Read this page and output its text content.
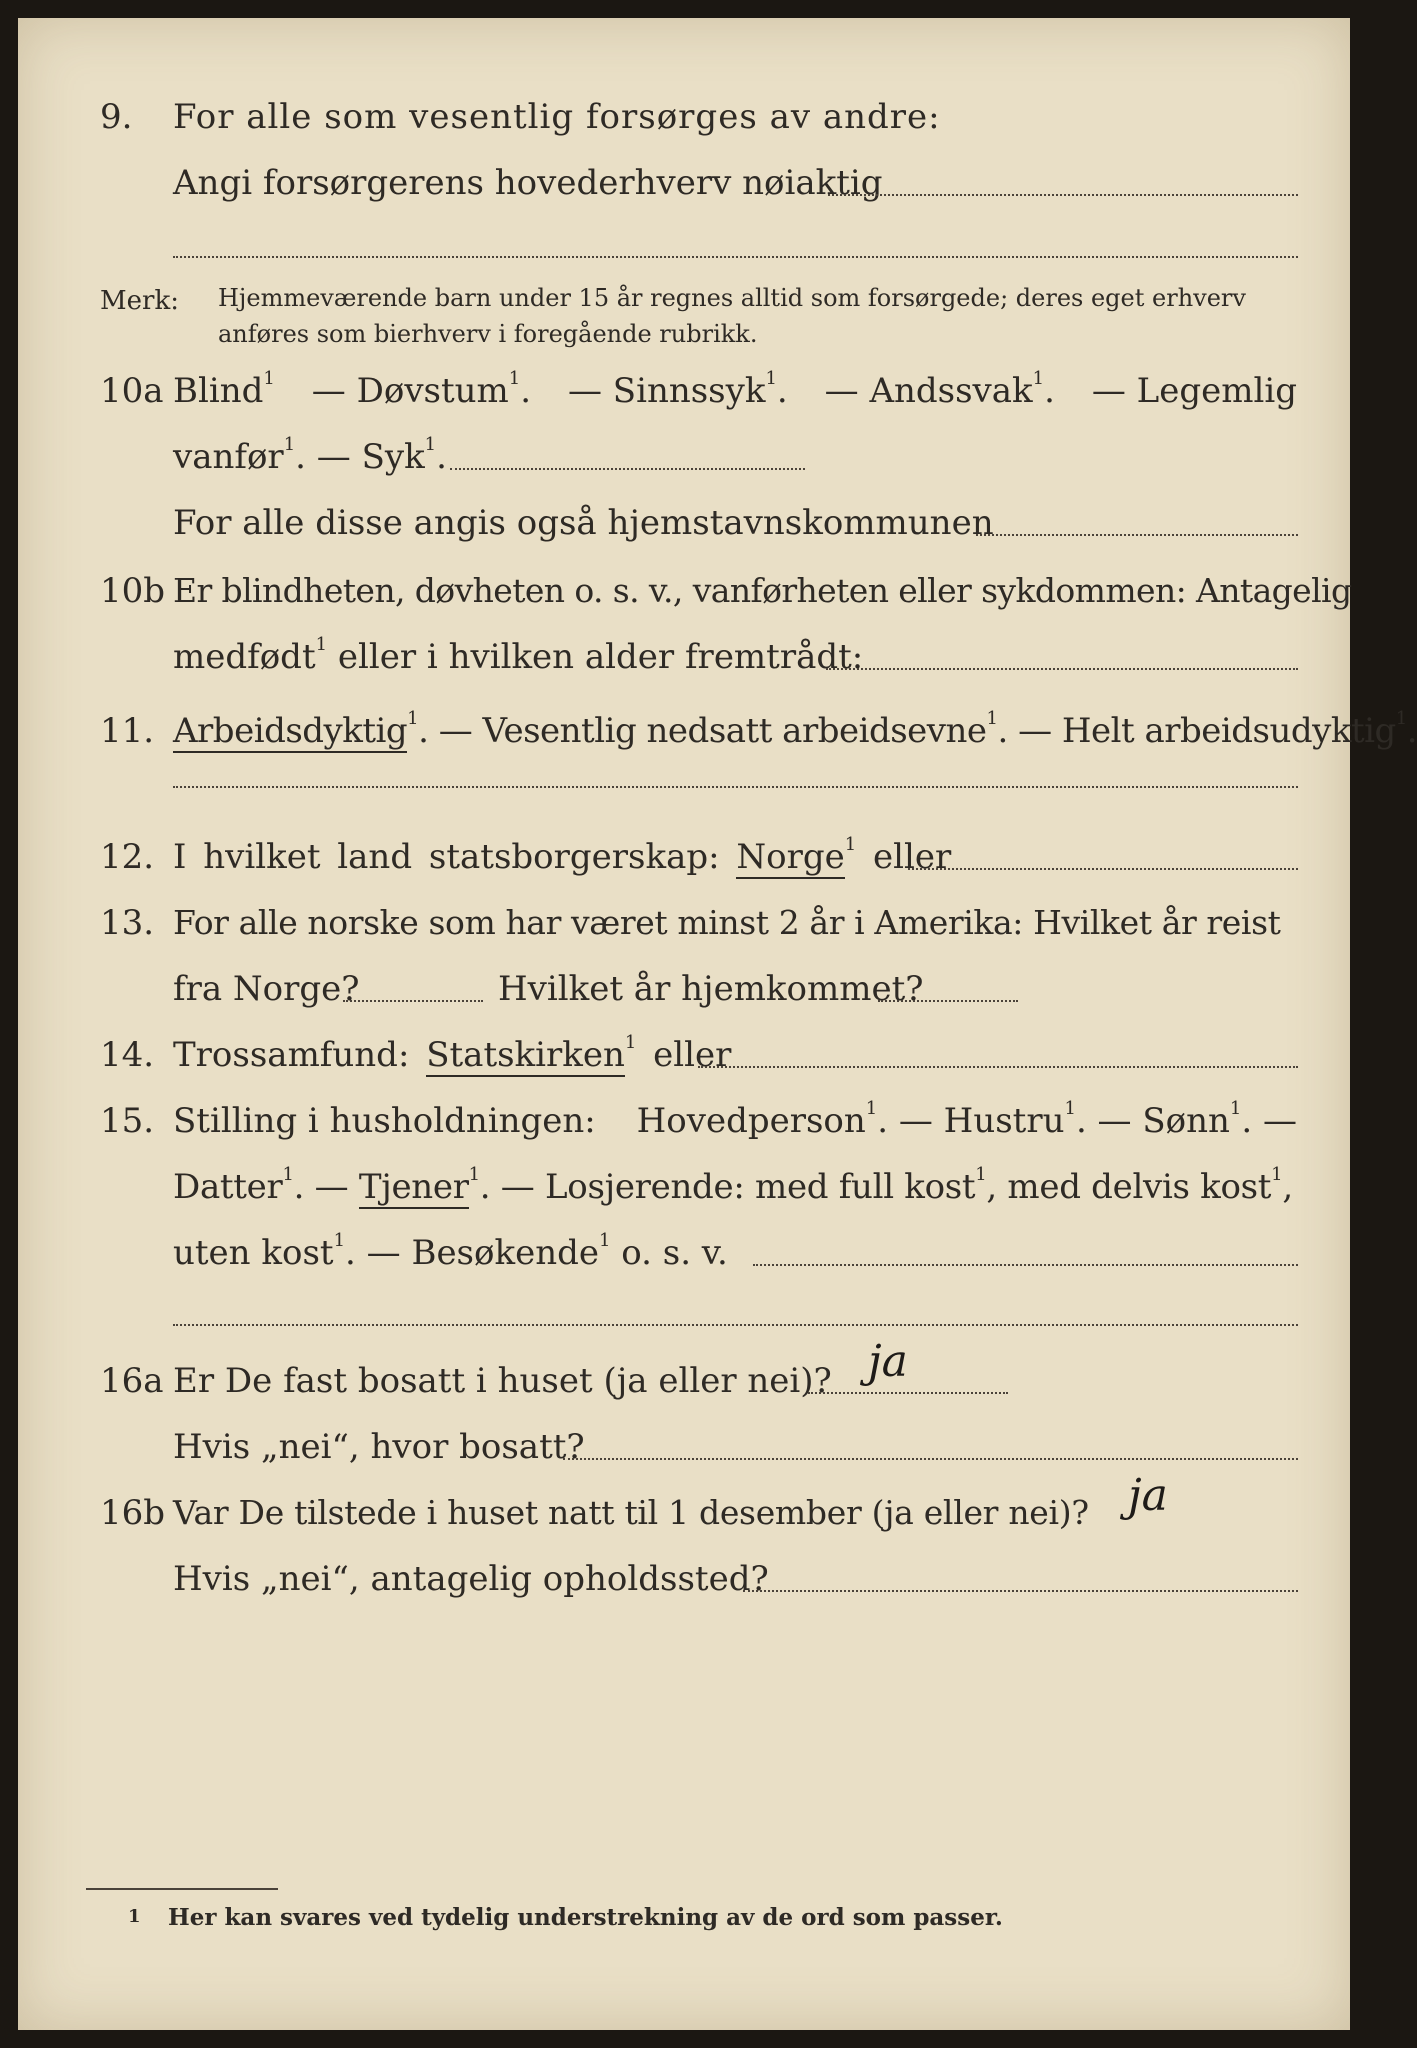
9. For alle som vesentlig forsørges av andre:
Angi forsørgerens hovederhverv nøiaktig
Merk: Hjemmeværende barn under 15 år regnes alltid som forsørgede; deres eget erhverv
anføres som bierhverv i foregående rubrikk.
10a Blind$^1$ — Døvstum$^1$. — Sinnssyk$^1$. — Andssvak$^1$. — Legemlig
vanfør$^1$. — Syk$^1$.
For alle disse angis også hjemstavnskommunen
10b Er blindheten, døvheten o. s. v., vanførheten eller sykdommen: Antagelig
medfødt$^1$ eller i hvilken alder fremtrådt:
11. Arbeidsdyktig$^1$. — Vesentlig nedsatt arbeidsevne$^1$. — Helt arbeidsudyktig$^1$.
12. I hvilket land statsborgerskap: Norge$^1$ eller
13. For alle norske som har været minst 2 år i Amerika: Hvilket år reist
fra Norge?	Hvilket år hjemkommet?
14. Trossamfund: Statskirken$^1$ eller
15. Stilling i husholdningen: Hovedperson$^1$. — Hustru$^1$. — Sønn$^1$. —
Datter$^1$. — Tjener$^1$. — Losjerende: med full kost$^1$, med delvis kost$^1$,
uten kost$^1$. — Besøkende$^1$ o. s. v.
16a Er De fast bosatt i huset (ja eller nei)? ja
Hvis „nei“, hvor bosatt?
16b Var De tilstede i huset natt til 1 desember (ja eller nei)? ja
Hvis „nei“, antagelig opholdssted?
1 Her kan svares ved tydelig understrekning av de ord som passer.
